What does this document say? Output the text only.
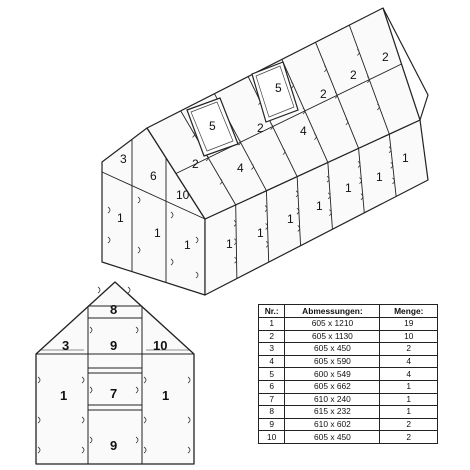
3
6
10
2	4
5	2	4
5	2
2
2
1
1
1	1
1
1
1
1
1
1
8
9
3	10
7
1	1
9
Nr.:	Abmessungen:	Menge:
1	605 x 1210	19
2	605 x 1130	10
3	605 x 450	2
4	605 x 590	4
5	600 x 549	4
6	605 x 662	1
7	610 x 240	1
8	615 x 232	1
9	610 x 602	2
10	605 x 450	2
